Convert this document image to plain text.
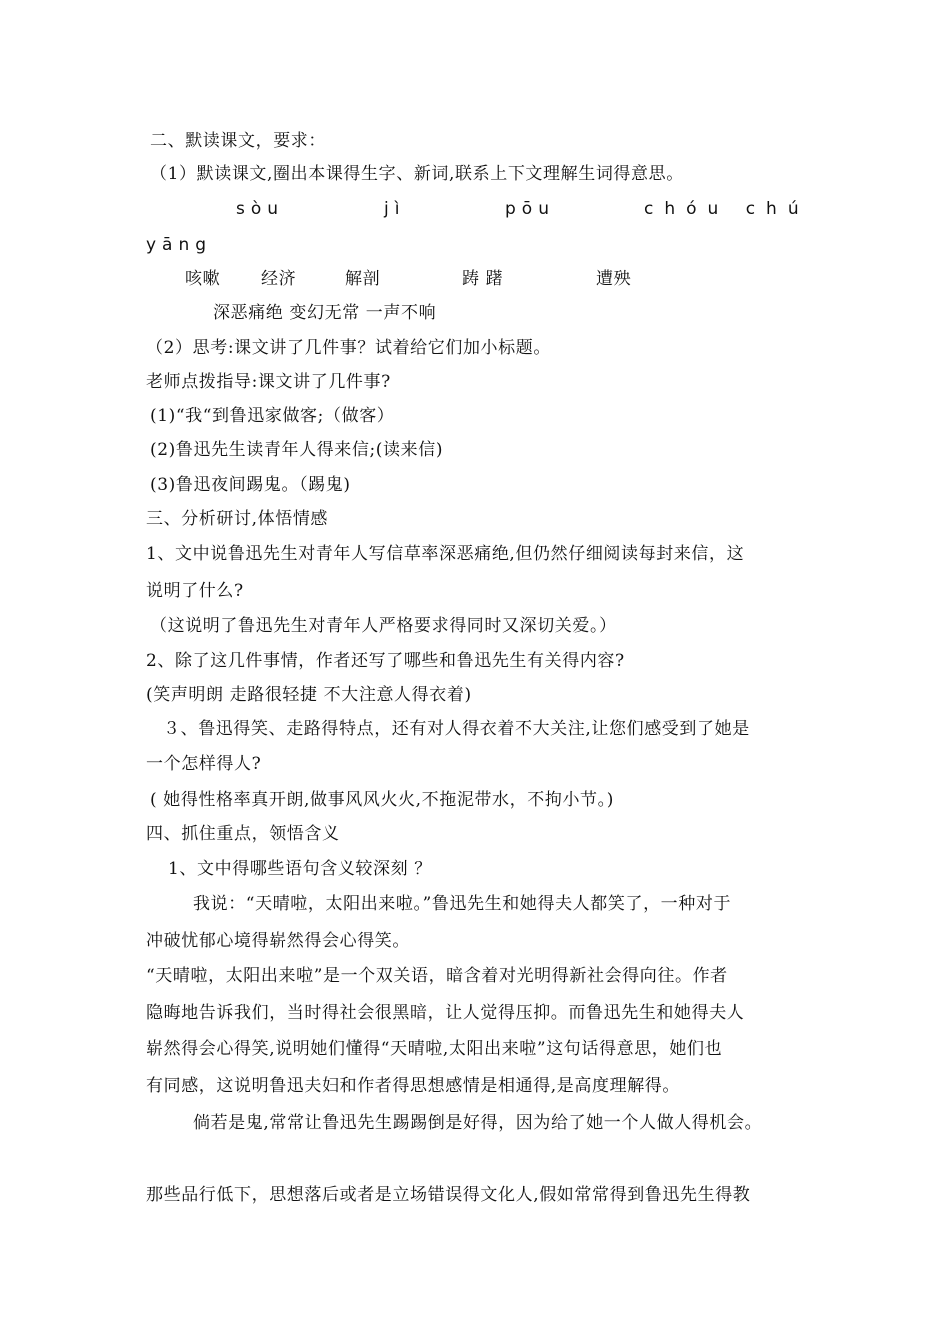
二、默读课文，要求：
（1）默读课文,圈出本课得生字、新词,联系上下文理解生词得意思。
sòu	jì	pōu	chóu chú
yāng
咳嗽 经济	解剖	踌 躇	遭殃
深恶痛绝 变幻无常 一声不响
（2）思考:课文讲了几件事？试着给它们加小标题。
老师点拨指导:课文讲了几件事?
(1)“我“到鲁迅家做客;（做客）
(2)鲁迅先生读青年人得来信;(读来信)
(3)鲁迅夜间踢鬼。（踢鬼)
三、分析研讨,体悟情感
1、文中说鲁迅先生对青年人写信草率深恶痛绝,但仍然仔细阅读每封来信，这
说明了什么?
（这说明了鲁迅先生对青年人严格要求得同时又深切关爱。）
2、除了这几件事情，作者还写了哪些和鲁迅先生有关得内容?
(笑声明朗 走路很轻捷 不大注意人得衣着)
３、鲁迅得笑、走路得特点，还有对人得衣着不大关注,让您们感受到了她是
一个怎样得人?
( 她得性格率真开朗,做事风风火火,不拖泥带水，不拘小节。)
四、抓住重点，领悟含义
1、文中得哪些语句含义较深刻 ？
我说：“天晴啦，太阳出来啦。”鲁迅先生和她得夫人都笑了，一种对于
冲破忧郁心境得崭然得会心得笑。
“天晴啦，太阳出来啦”是一个双关语，暗含着对光明得新社会得向往。作者
隐晦地告诉我们，当时得社会很黑暗，让人觉得压抑。而鲁迅先生和她得夫人
崭然得会心得笑,说明她们懂得“天晴啦,太阳出来啦”这句话得意思，她们也
有同感，这说明鲁迅夫妇和作者得思想感情是相通得,是高度理解得。
倘若是鬼,常常让鲁迅先生踢踢倒是好得，因为给了她一个人做人得机会。
那些品行低下，思想落后或者是立场错误得文化人,假如常常得到鲁迅先生得教
